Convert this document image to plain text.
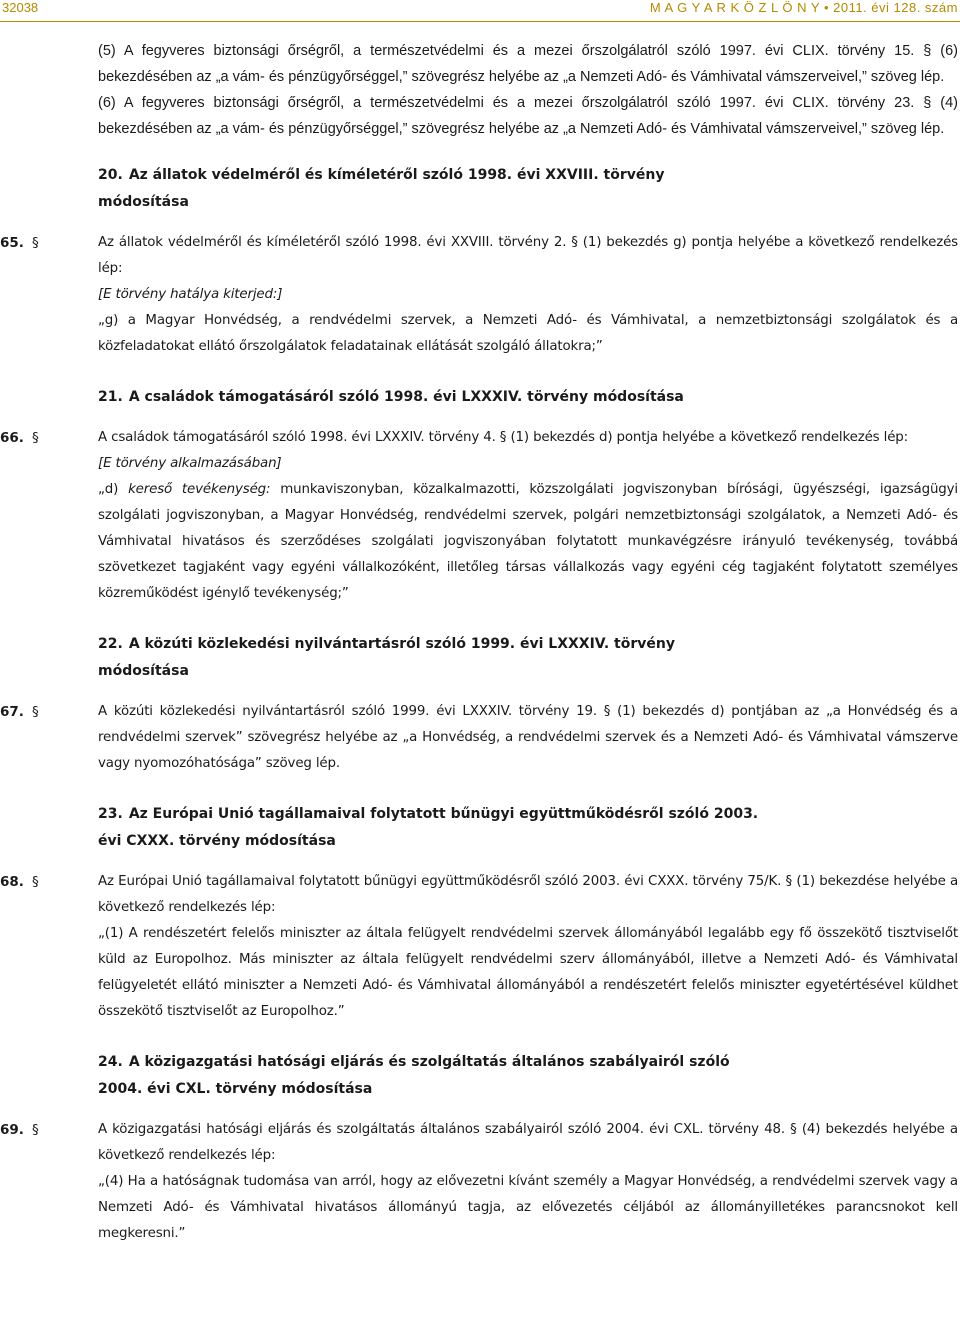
32038	M A G Y A R K Ö Z L Ö N Y • 2011. évi 128. szám

(5) A fegyveres biztonsági őrségről, a természetvédelmi és a mezei őrszolgálatról szóló 1997. évi CLIX. törvény 15. § (6) bekezdésében az „a vám- és pénzügyőrséggel,” szövegrész helyébe az „a Nemzeti Adó- és Vámhivatal vámszerveivel,” szöveg lép.

(6) A fegyveres biztonsági őrségről, a természetvédelmi és a mezei őrszolgálatról szóló 1997. évi CLIX. törvény 23. § (4) bekezdésében az „a vám- és pénzügyőrséggel,” szövegrész helyébe az „a Nemzeti Adó- és Vámhivatal vámszerveivel,” szöveg lép.

20. Az állatok védelméről és kíméletéről szóló 1998. évi XXVIII. törvény módosítása
65. §	Az állatok védelméről és kíméletéről szóló 1998. évi XXVIII. törvény 2. § (1) bekezdés g) pontja helyébe a következő rendelkezés lép:

[E törvény hatálya kiterjed:]

„g) a Magyar Honvédség, a rendvédelmi szervek, a Nemzeti Adó- és Vámhivatal, a nemzetbiztonsági szolgálatok és a közfeladatokat ellátó őrszolgálatok feladatainak ellátását szolgáló állatokra;”

21. A családok támogatásáról szóló 1998. évi LXXXIV. törvény módosítása
66. §	A családok támogatásáról szóló 1998. évi LXXXIV. törvény 4. § (1) bekezdés d) pontja helyébe a következő rendelkezés lép:

[E törvény alkalmazásában]

„d) kereső tevékenység: munkaviszonyban, közalkalmazotti, közszolgálati jogviszonyban bírósági, ügyészségi, igazságügyi szolgálati jogviszonyban, a Magyar Honvédség, rendvédelmi szervek, polgári nemzetbiztonsági szolgálatok, a Nemzeti Adó- és Vámhivatal hivatásos és szerződéses szolgálati jogviszonyában folytatott munkavégzésre irányuló tevékenység, továbbá szövetkezet tagjaként vagy egyéni vállalkozóként, illetőleg társas vállalkozás vagy egyéni cég tagjaként folytatott személyes közreműködést igénylő tevékenység;”

22. A közúti közlekedési nyilvántartásról szóló 1999. évi LXXXIV. törvény módosítása
67. §	A közúti közlekedési nyilvántartásról szóló 1999. évi LXXXIV. törvény 19. § (1) bekezdés d) pontjában az „a Honvédség és a rendvédelmi szervek” szövegrész helyébe az „a Honvédség, a rendvédelmi szervek és a Nemzeti Adó- és Vámhivatal vámszerve vagy nyomozóhatósága” szöveg lép.

23. Az Európai Unió tagállamaival folytatott bűnügyi együttműködésről szóló 2003. évi CXXX. törvény módosítása
68. §	Az Európai Unió tagállamaival folytatott bűnügyi együttműködésről szóló 2003. évi CXXX. törvény 75/K. § (1) bekezdése helyébe a következő rendelkezés lép:

„(1) A rendészetért felelős miniszter az általa felügyelt rendvédelmi szervek állományából legalább egy fő összekötő tisztviselőt küld az Europolhoz. Más miniszter az általa felügyelt rendvédelmi szerv állományából, illetve a Nemzeti Adó- és Vámhivatal felügyeletét ellátó miniszter a Nemzeti Adó- és Vámhivatal állományából a rendészetért felelős miniszter egyetértésével küldhet összekötő tisztviselőt az Europolhoz.”

24. A közigazgatási hatósági eljárás és szolgáltatás általános szabályairól szóló 2004. évi CXL. törvény módosítása
69. §	A közigazgatási hatósági eljárás és szolgáltatás általános szabályairól szóló 2004. évi CXL. törvény 48. § (4) bekezdés helyébe a következő rendelkezés lép:

„(4) Ha a hatóságnak tudomása van arról, hogy az elővezetni kívánt személy a Magyar Honvédség, a rendvédelmi szervek vagy a Nemzeti Adó- és Vámhivatal hivatásos állományú tagja, az elővezetés céljából az állományilletékes parancsnokot kell megkeresni.”
